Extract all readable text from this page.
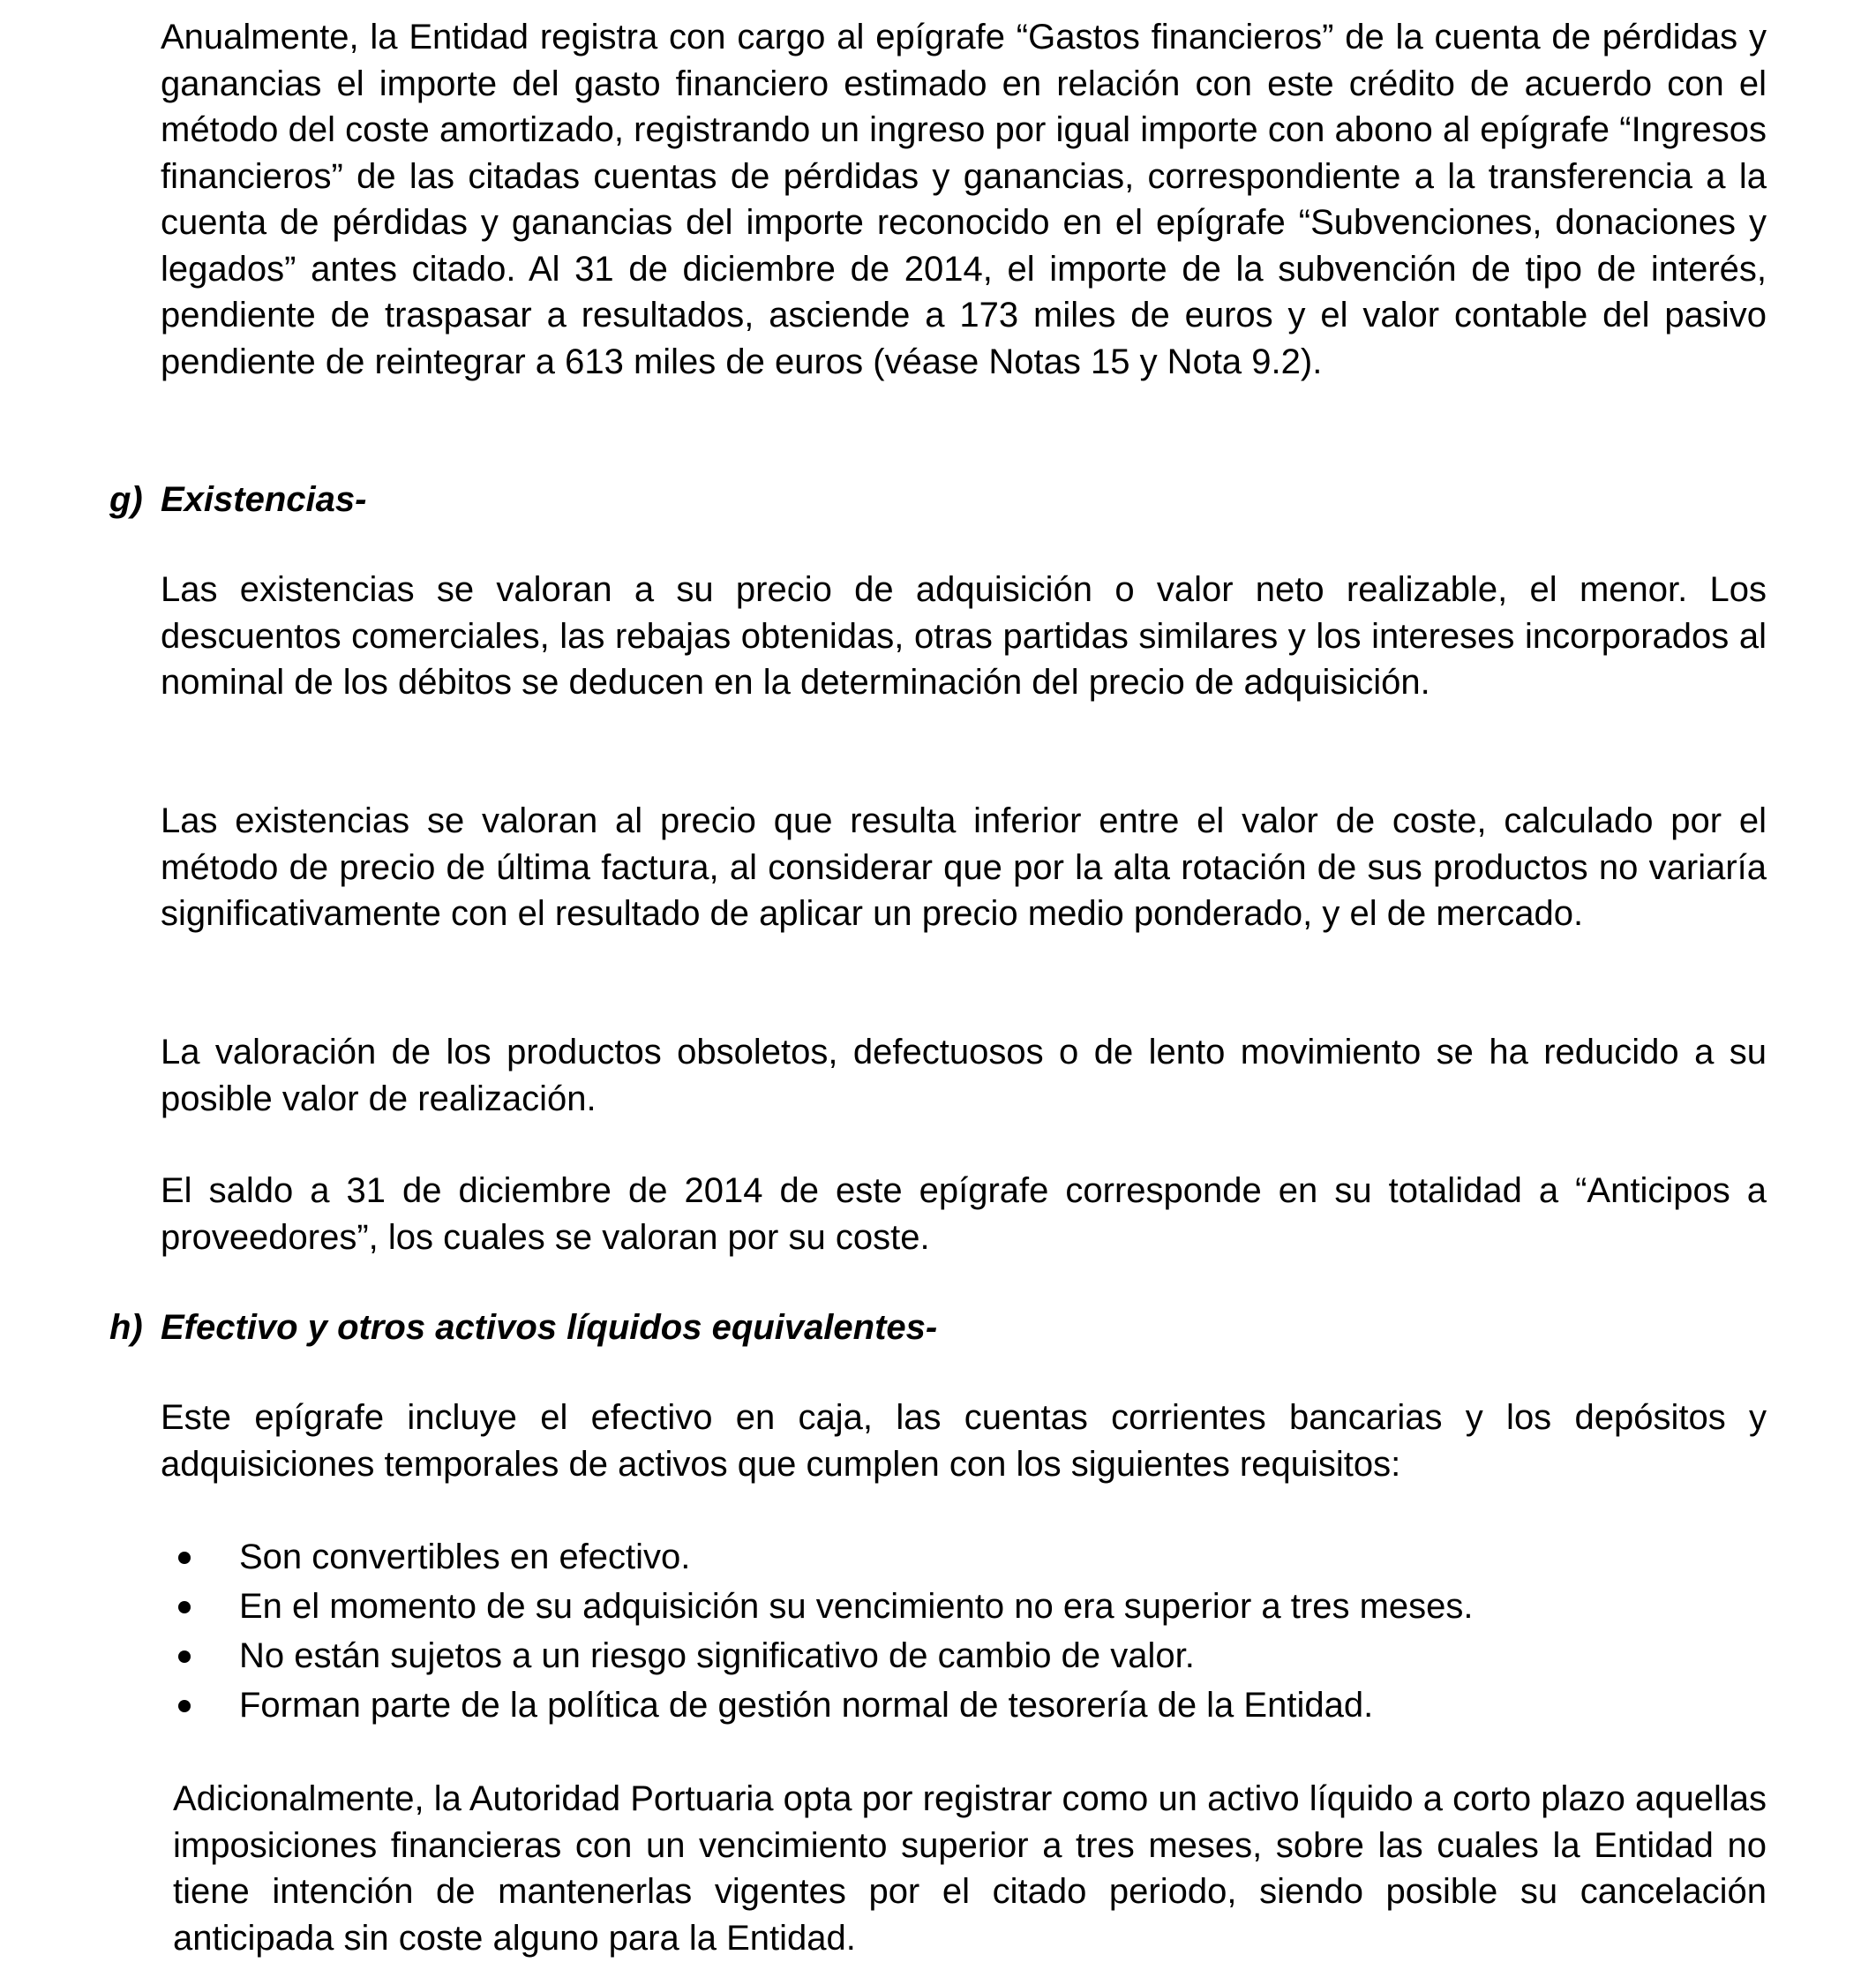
Anualmente, la Entidad registra con cargo al epígrafe “Gastos financieros” de la cuenta de pérdidas y ganancias el importe del gasto financiero estimado en relación con este crédito de acuerdo con el método del coste amortizado, registrando un ingreso por igual importe con abono al epígrafe “Ingresos financieros” de las citadas cuentas de pérdidas y ganancias, correspondiente a la transferencia a la cuenta de pérdidas y ganancias del importe reconocido en el epígrafe “Subvenciones, donaciones y legados” antes citado. Al 31 de diciembre de 2014, el importe de la subvención de tipo de interés, pendiente de traspasar a resultados, asciende a 173 miles de euros y el valor contable del pasivo pendiente de reintegrar a 613 miles de euros (véase Notas 15 y Nota 9.2).

g) Existencias-

Las existencias se valoran a su precio de adquisición o valor neto realizable, el menor. Los descuentos comerciales, las rebajas obtenidas, otras partidas similares y los intereses incorporados al nominal de los débitos se deducen en la determinación del precio de adquisición.

Las existencias se valoran al precio que resulta inferior entre el valor de coste, calculado por el método de precio de última factura, al considerar que por la alta rotación de sus productos no variaría significativamente con el resultado de aplicar un precio medio ponderado, y el de mercado.

La valoración de los productos obsoletos, defectuosos o de lento movimiento se ha reducido a su posible valor de realización.

El saldo a 31 de diciembre de 2014 de este epígrafe corresponde en su totalidad a “Anticipos a proveedores”, los cuales se valoran por su coste.

h) Efectivo y otros activos líquidos equivalentes-

Este epígrafe incluye el efectivo en caja, las cuentas corrientes bancarias y los depósitos y adquisiciones temporales de activos que cumplen con los siguientes requisitos:

Son convertibles en efectivo.
En el momento de su adquisición su vencimiento no era superior a tres meses.
No están sujetos a un riesgo significativo de cambio de valor.
Forman parte de la política de gestión normal de tesorería de la Entidad.

Adicionalmente, la Autoridad Portuaria opta por registrar como un activo líquido a corto plazo aquellas imposiciones financieras con un vencimiento superior a tres meses, sobre las cuales la Entidad no tiene intención de mantenerlas vigentes por el citado periodo, siendo posible su cancelación anticipada sin coste alguno para la Entidad.
